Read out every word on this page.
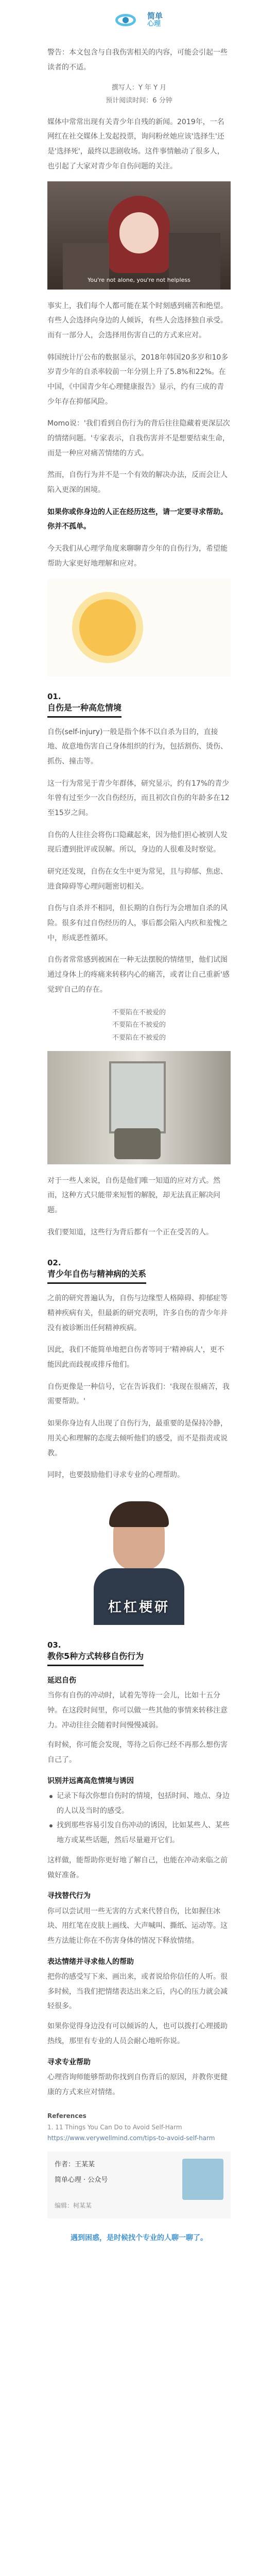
简单
心理

警告：本文包含与自我伤害相关的内容，可能会引起一些读者的不适。

撰写人：Y 年 Y 月
预计阅读时间：6 分钟

媒体中常常出现有关青少年自残的新闻。2019年，一名网红在社交媒体上发起投票，询问粉丝她应该'选择生'还是'选择死'，最终以悲剧收场。这件事情触动了很多人，也引起了大家对青少年自伤问题的关注。

You're not alone, you're not helpless

事实上，我们每个人都可能在某个时刻感到痛苦和绝望。有些人会选择向身边的人倾诉，有些人会选择独自承受。而有一部分人，会选择用伤害自己的方式来应对。

韩国统计厅公布的数据显示，2018年韩国20多岁和10多岁青少年的自杀率较前一年分别上升了5.8%和22%。在中国，《中国青少年心理健康报告》显示，约有三成的青少年存在抑郁风险。

Momo说：'我们看到自伤行为的背后往往隐藏着更深层次的情绪问题。'专家表示，自我伤害并不是想要结束生命，而是一种应对痛苦情绪的方式。

然而，自伤行为并不是一个有效的解决办法，反而会让人陷入更深的困境。

如果你或你身边的人正在经历这些，请一定要寻求帮助。你并不孤单。

今天我们从心理学角度来聊聊青少年的自伤行为，希望能帮助大家更好地理解和应对。

01.
自伤是一种高危情境

自伤(self-injury)一般是指个体不以自杀为目的，直接地、故意地伤害自己身体组织的行为，包括割伤、烫伤、抓伤、撞击等。

这一行为常见于青少年群体，研究显示，约有17%的青少年曾有过至少一次自伤经历，而且初次自伤的年龄多在12至15岁之间。

自伤的人往往会将伤口隐藏起来，因为他们担心被别人发现后遭到批评或误解。所以，身边的人很难及时察觉。

研究还发现，自伤在女生中更为常见，且与抑郁、焦虑、进食障碍等心理问题密切相关。

自伤与自杀并不相同，但长期的自伤行为会增加自杀的风险。很多有过自伤经历的人，事后都会陷入内疚和羞愧之中，形成恶性循环。

自伤者常常感到被困在一种无法摆脱的情绪里，他们试图通过身体上的疼痛来转移内心的痛苦，或者让自己重新'感觉到'自己的存在。

不要陷在不被爱的
不要陷在不被爱的
不要陷在不被爱的

对于一些人来说，自伤是他们唯一知道的应对方式。然而，这种方式只能带来短暂的解脱，却无法真正解决问题。

我们要知道，这些行为背后都有一个正在受苦的人。

02.
青少年自伤与精神病的关系

之前的研究普遍认为，自伤与边缘型人格障碍、抑郁症等精神疾病有关，但最新的研究表明，许多自伤的青少年并没有被诊断出任何精神疾病。

因此，我们不能简单地把自伤者等同于'精神病人'，更不能因此而歧视或排斥他们。

自伤更像是一种信号，它在告诉我们：'我现在很痛苦，我需要帮助。'

如果你身边有人出现了自伤行为，最重要的是保持冷静，用关心和理解的态度去倾听他们的感受，而不是指责或说教。

同时，也要鼓励他们寻求专业的心理帮助。

杠杠梗研
03.
教你5种方式转移自伤行为
延迟自伤

当你有自伤的冲动时，试着先等待一会儿，比如十五分钟。在这段时间里，你可以做一些其他的事情来转移注意力。冲动往往会随着时间慢慢减弱。

有时候，你可能会发现，等待之后你已经不再那么想伤害自己了。

识别并远离高危情境与诱因

记录下每次你想自伤时的情境，包括时间、地点、身边的人以及当时的感受。

找到那些容易引发自伤冲动的诱因，比如某些人、某些地方或某些话题，然后尽量避开它们。

这样做，能帮助你更好地了解自己，也能在冲动来临之前做好准备。

寻找替代行为

你可以尝试用一些无害的方式来代替自伤，比如握住冰块、用红笔在皮肤上画线、大声喊叫、撕纸、运动等。这些方法能让你在不伤害身体的情况下释放情绪。

表达情绪并寻求他人的帮助

把你的感受写下来、画出来，或者说给你信任的人听。很多时候，当我们把情绪表达出来之后，内心的压力就会减轻很多。

如果你觉得身边没有可以倾诉的人，也可以拨打心理援助热线，那里有专业的人员会耐心地听你说。

寻求专业帮助

心理咨询师能够帮助你找到自伤背后的原因，并教你更健康的方式来应对情绪。

References
1. 11 Things You Can Do to Avoid Self-Harm
https://www.verywellmind.com/tips-to-avoid-self-harm
作者：王某某
简单心理 · 公众号
编辑：柯某某

遇到困惑，是时候找个专业的人聊一聊了。
